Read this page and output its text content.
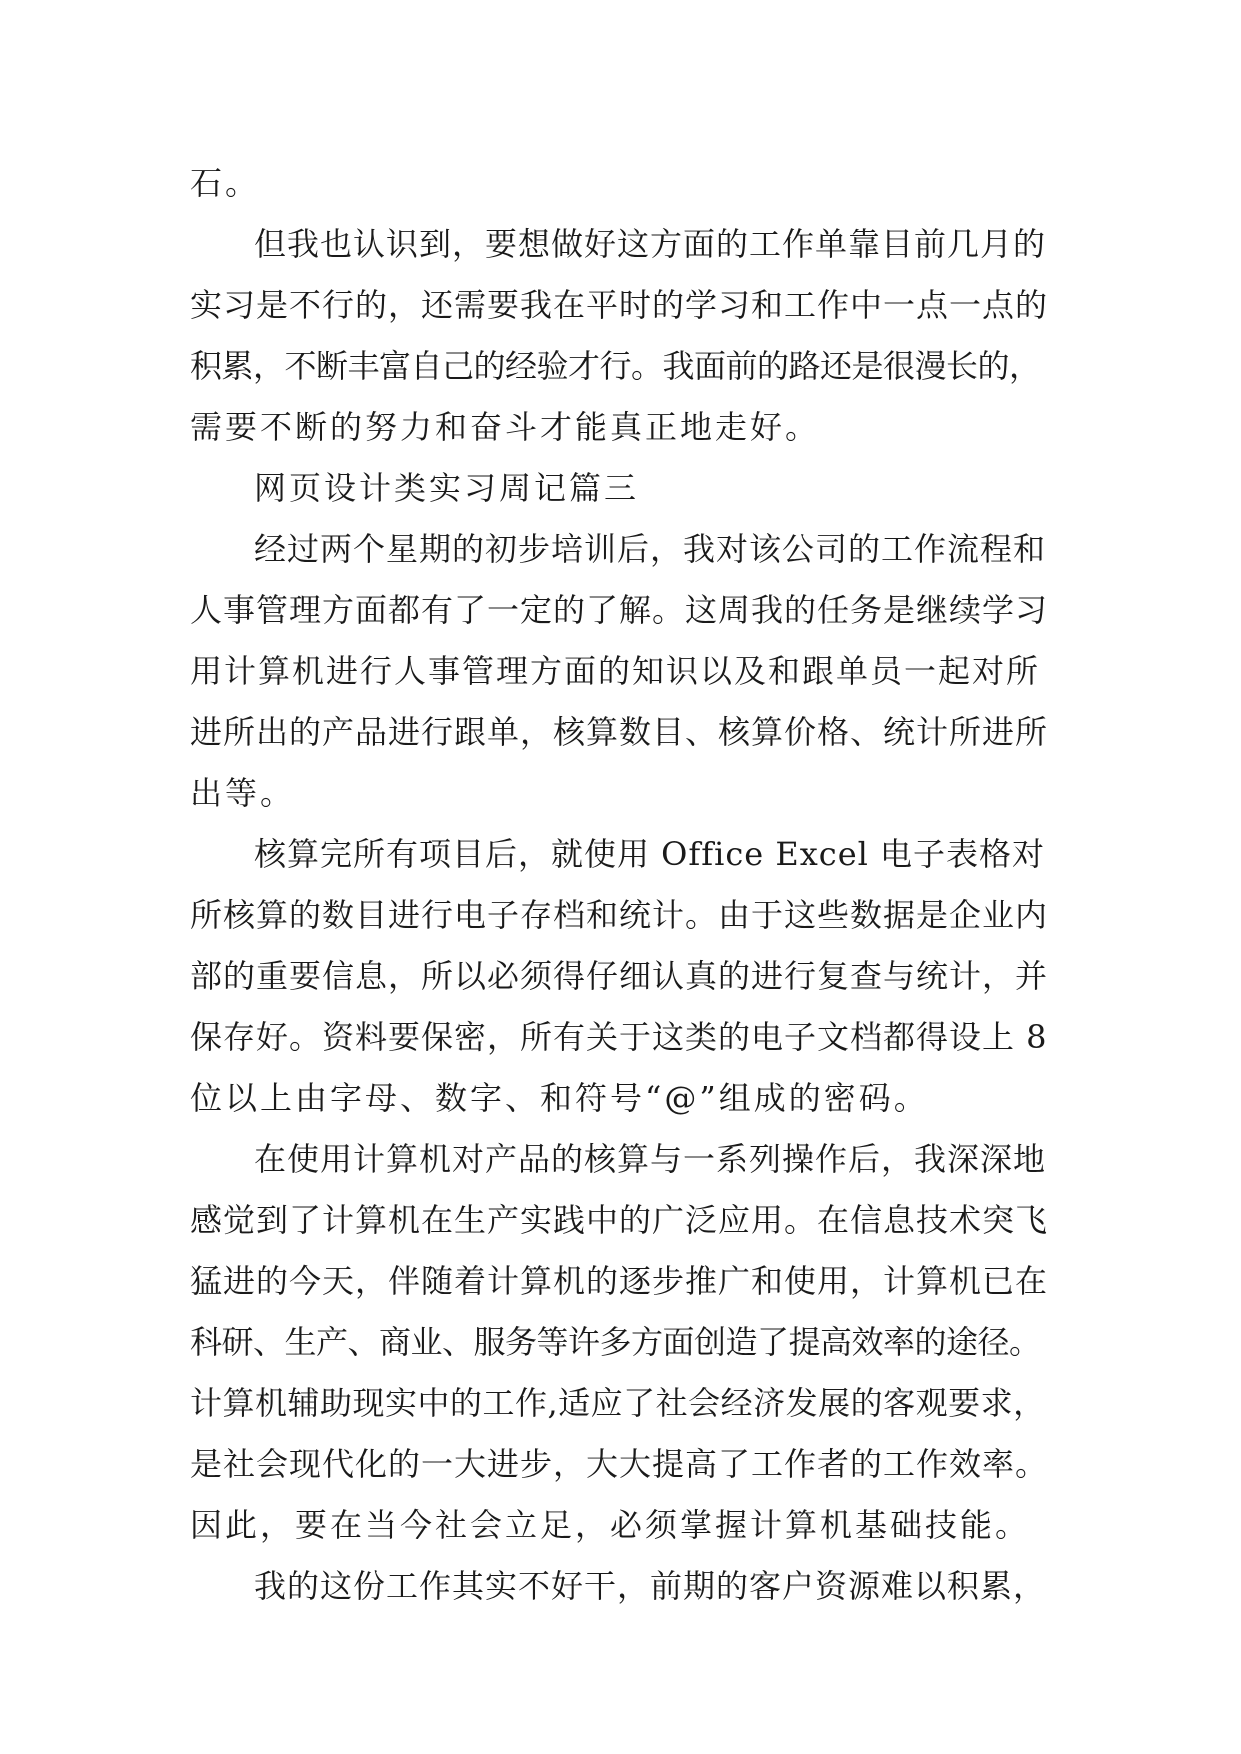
石。
但我也认识到，要想做好这方面的工作单靠目前几月的
实习是不行的，还需要我在平时的学习和工作中一点一点的
积累，不断丰富自己的经验才行。我面前的路还是很漫长的，
需要不断的努力和奋斗才能真正地走好。
网页设计类实习周记篇三
经过两个星期的初步培训后，我对该公司的工作流程和
人事管理方面都有了一定的了解。这周我的任务是继续学习
用计算机进行人事管理方面的知识以及和跟单员一起对所
进所出的产品进行跟单，核算数目、核算价格、统计所进所
出等。
核算完所有项目后，就使用 Office Excel 电子表格对
所核算的数目进行电子存档和统计。由于这些数据是企业内
部的重要信息，所以必须得仔细认真的进行复查与统计，并
保存好。资料要保密，所有关于这类的电子文档都得设上 8
位以上由字母、数字、和符号“@”组成的密码。
在使用计算机对产品的核算与一系列操作后，我深深地
感觉到了计算机在生产实践中的广泛应用。在信息技术突飞
猛进的今天，伴随着计算机的逐步推广和使用，计算机已在
科研、生产、商业、服务等许多方面创造了提高效率的途径。
计算机辅助现实中的工作,适应了社会经济发展的客观要求，
是社会现代化的一大进步，大大提高了工作者的工作效率。
因此，要在当今社会立足，必须掌握计算机基础技能。
我的这份工作其实不好干，前期的客户资源难以积累，
